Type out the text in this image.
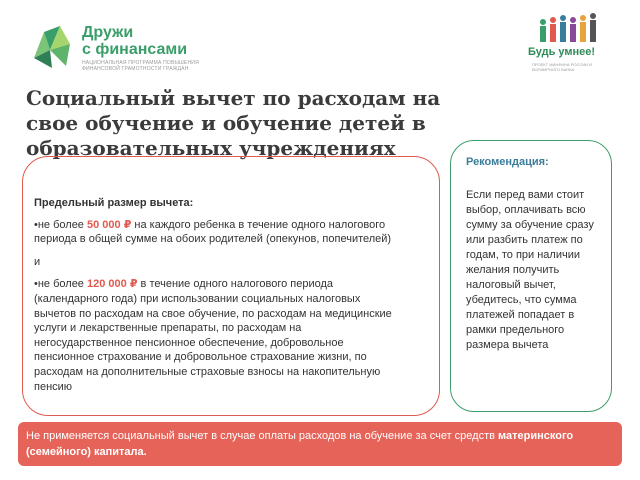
Дружи
с финансами
НАЦИОНАЛЬНАЯ ПРОГРАММА ПОВЫШЕНИЯ ФИНАНСОВОЙ ГРАМОТНОСТИ ГРАЖДАН
Будь умнее!
ПРОЕКТ МИНФИНА РОССИИ И ВСЕМИРНОГО БАНКА
Социальный вычет по расходам на свое обучение и обучение детей в образовательных учреждениях

Предельный размер вычета:

•не более 50 000 ₽ на каждого ребенка в течение одного налогового периода в общей сумме на обоих родителей (опекунов, попечителей)

и

•не более 120 000 ₽ в течение одного налогового периода (календарного года) при использовании социальных налоговых вычетов по расходам на свое обучение, по расходам на медицинские услуги и лекарственные препараты, по расходам на негосударственное пенсионное обеспечение, добровольное пенсионное страхование и добровольное страхование жизни, по расходам на дополнительные страховые взносы на накопительную пенсию

Рекомендация:
Если перед вами стоит выбор, оплачивать всю сумму за обучение сразу или разбить платеж по годам, то при наличии желания получить налоговый вычет, убедитесь, что сумма платежей попадает в рамки предельного размера вычета
Не применяется социальный вычет в случае оплаты расходов на обучение за счет средств материнского (семейного) капитала.
